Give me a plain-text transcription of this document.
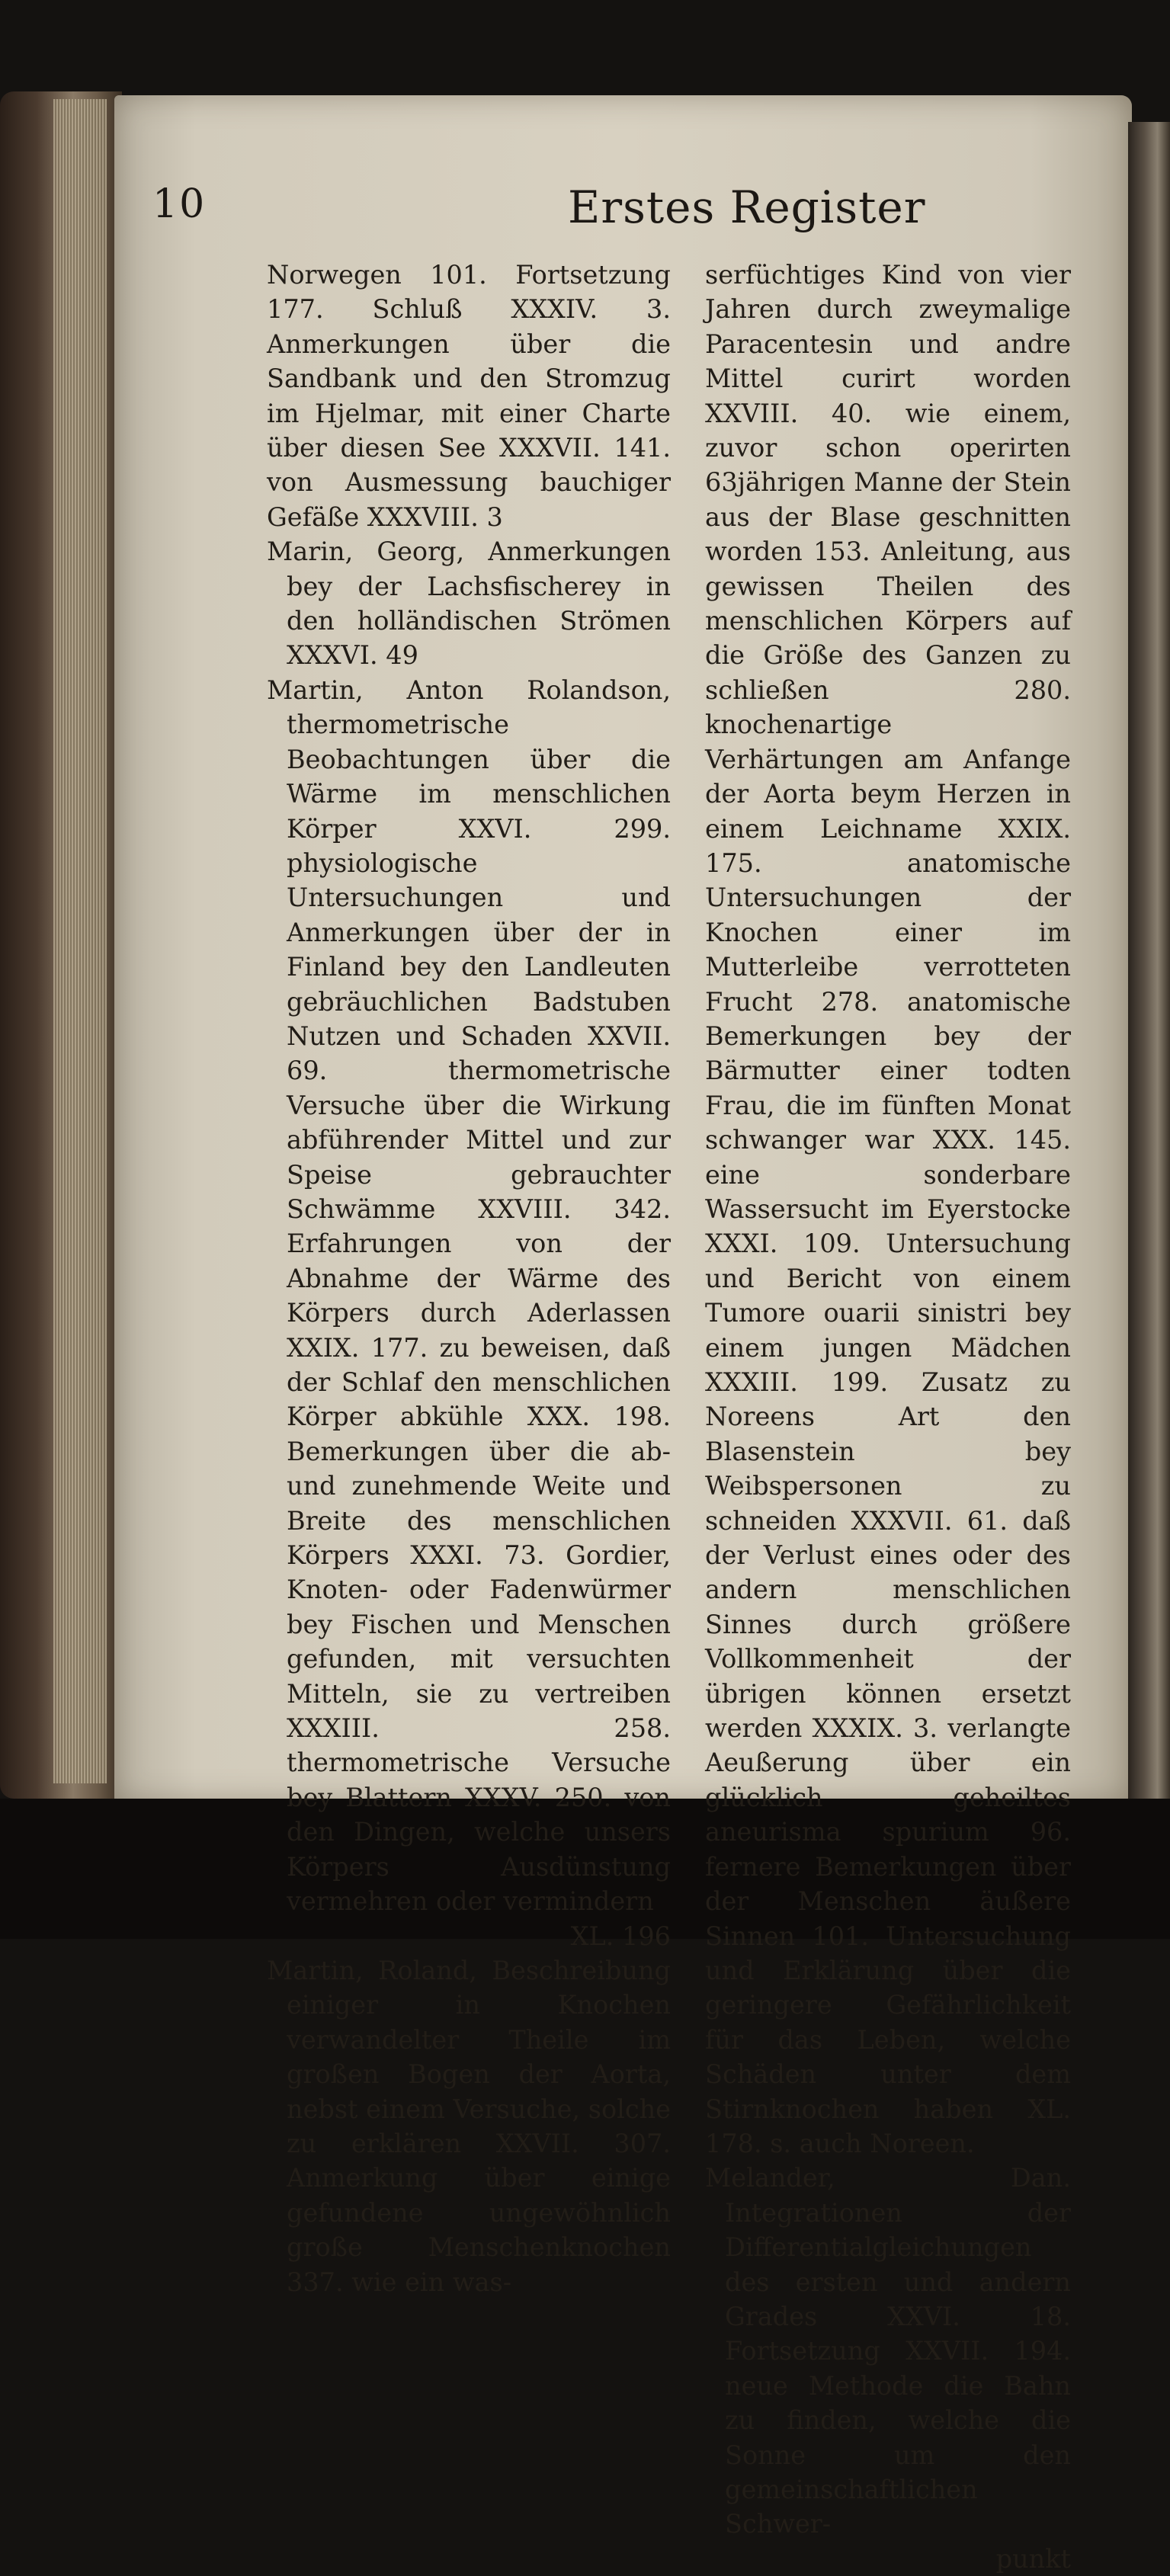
10	Erstes Register

Norwegen 101. Fortsetzung 177. Schluß XXXIV. 3. Anmerkungen über die Sandbank und den Stromzug im Hjelmar, mit einer Charte über diesen See XXXVII. 141. von Ausmessung bauchiger Gefäße XXXVIII. 3

Marin, Georg, Anmerkungen bey der Lachsfischerey in den holländischen Strömen XXXVI. 49

Martin, Anton Rolandson, thermometrische Beobachtungen über die Wärme im menschlichen Körper XXVI. 299. physiologische Untersuchungen und Anmerkungen über der in Finland bey den Landleuten gebräuchlichen Badstuben Nutzen und Schaden XXVII. 69. thermometrische Versuche über die Wirkung abführender Mittel und zur Speise gebrauchter Schwämme XXVIII. 342. Erfahrungen von der Abnahme der Wärme des Körpers durch Aderlassen XXIX. 177. zu beweisen, daß der Schlaf den menschlichen Körper abkühle XXX. 198. Bemerkungen über die ab- und zunehmende Weite und Breite des menschlichen Körpers XXXI. 73. Gordier, Knoten- oder Fadenwürmer bey Fischen und Menschen gefunden, mit versuchten Mitteln, sie zu vertreiben XXXIII. 258. thermometrische Versuche bey Blattern XXXV. 250. von den Dingen, welche unsers Körpers Ausdünstung vermehren oder vermindern

XL. 196

Martin, Roland, Beschreibung einiger in Knochen verwandelter Theile im großen Bogen der Aorta, nebst einem Versuche, solche zu erklären XXVII. 307. Anmerkung über einige gefundene ungewöhnlich große Menschenknochen 337. wie ein was-

serfüchtiges Kind von vier Jahren durch zweymalige Paracentesin und andre Mittel curirt worden XXVIII. 40. wie einem, zuvor schon operirten 63jährigen Manne der Stein aus der Blase geschnitten worden 153. Anleitung, aus gewissen Theilen des menschlichen Körpers auf die Größe des Ganzen zu schließen 280. knochenartige Verhärtungen am Anfange der Aorta beym Herzen in einem Leichname XXIX. 175. anatomische Untersuchungen der Knochen einer im Mutterleibe verrotteten Frucht 278. anatomische Bemerkungen bey der Bärmutter einer todten Frau, die im fünften Monat schwanger war XXX. 145. eine sonderbare Wassersucht im Eyerstocke XXXI. 109. Untersuchung und Bericht von einem Tumore ouarii sinistri bey einem jungen Mädchen XXXIII. 199. Zusatz zu Noreens Art den Blasenstein bey Weibspersonen zu schneiden XXXVII. 61. daß der Verlust eines oder des andern menschlichen Sinnes durch größere Vollkommenheit der übrigen können ersetzt werden XXXIX. 3. verlangte Aeußerung über ein glücklich geheiltes aneurisma spurium 96. fernere Bemerkungen über der Menschen äußere Sinnen 101. Untersuchung und Erklärung über die geringere Gefährlichkeit für das Leben, welche Schäden unter dem Stirnknochen haben XL. 178. s. auch Noreen.

Melander, Dan. Integrationen der Differentialgleichungen des ersten und andern Grades XXVI. 18. Fortsetzung XXVII. 194. neue Methode die Bahn zu finden, welche die Sonne um den gemeinschaftlichen Schwer-

punkt
